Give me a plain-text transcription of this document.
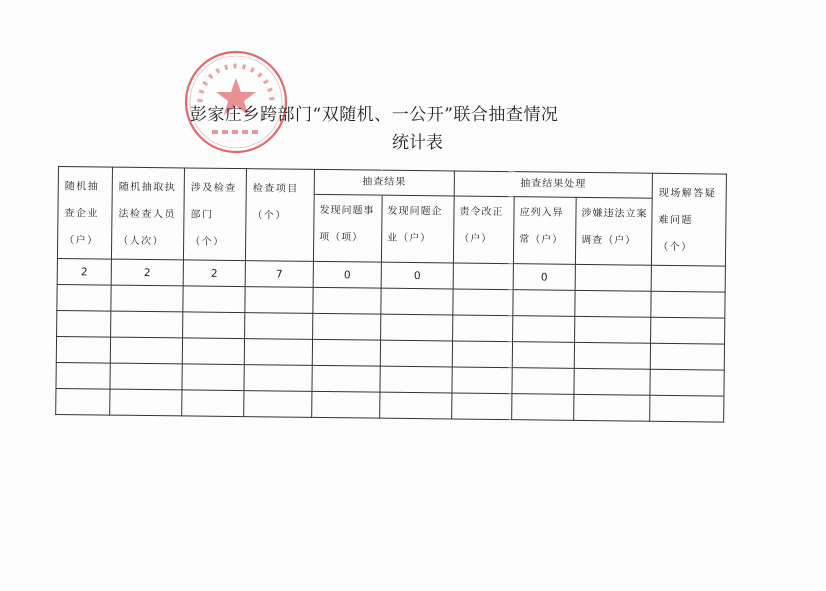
彭家庄乡跨部门“双随机、一公开”联合抽查情况
统计表
随机抽查企业（户）	随机抽取执法检查人员（人次）	涉及检查部门（个）	检查项目（个）	抽查结果		抽查结果处理			现场解答疑难问题（个）
				发现问题事项（项）	发现问题企业（户）	责令改正（户）	应列入异常（户）	涉嫌违法立案调查（户）	
2	2	2	7	0	0		0		
